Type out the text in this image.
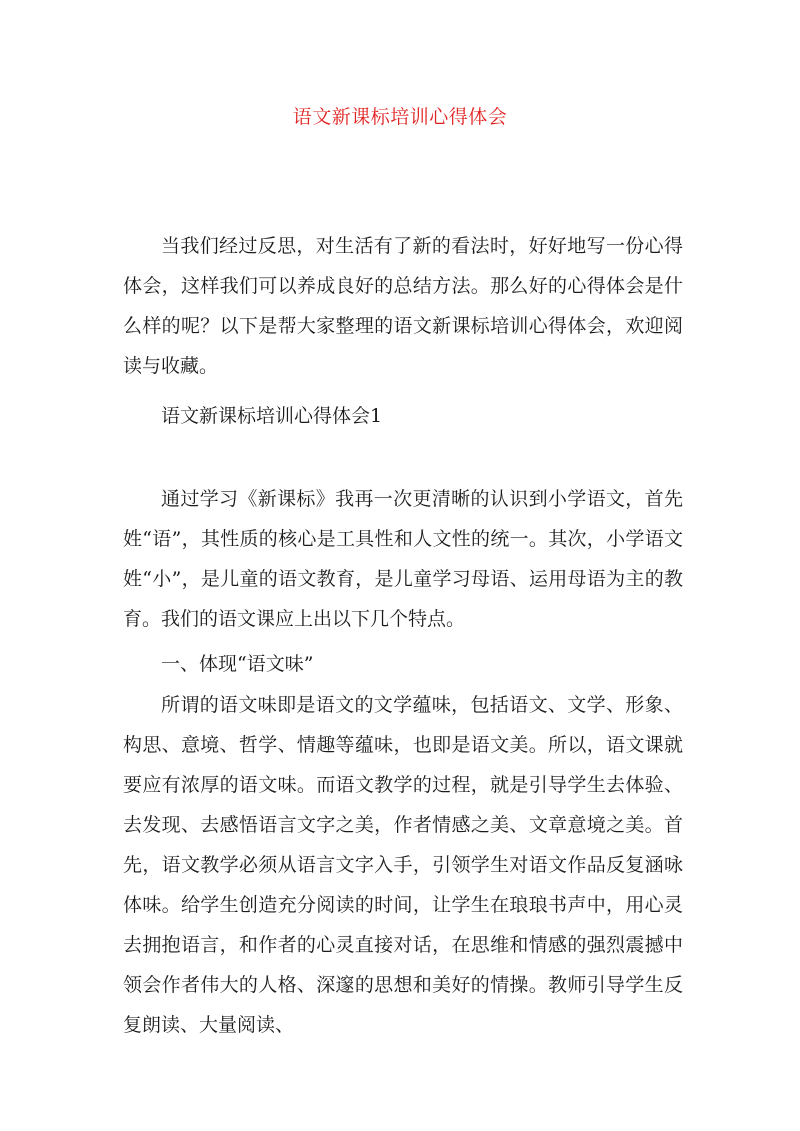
语文新课标培训心得体会

当我们经过反思，对生活有了新的看法时，好好地写一份心得体会，这样我们可以养成良好的总结方法。那么好的心得体会是什么样的呢？以下是帮大家整理的语文新课标培训心得体会，欢迎阅读与收藏。

语文新课标培训心得体会1

通过学习《新课标》我再一次更清晰的认识到小学语文，首先姓“语”，其性质的核心是工具性和人文性的统一。其次，小学语文姓“小”，是儿童的语文教育，是儿童学习母语、运用母语为主的教育。我们的语文课应上出以下几个特点。

一、体现“语文味”

所谓的语文味即是语文的文学蕴味，包括语文、文学、形象、构思、意境、哲学、情趣等蕴味，也即是语文美。所以，语文课就要应有浓厚的语文味。而语文教学的过程，就是引导学生去体验、去发现、去感悟语言文字之美，作者情感之美、文章意境之美。首先，语文教学必须从语言文字入手，引领学生对语文作品反复涵咏体味。给学生创造充分阅读的时间，让学生在琅琅书声中，用心灵去拥抱语言，和作者的心灵直接对话，在思维和情感的强烈震撼中领会作者伟大的人格、深邃的思想和美好的情操。教师引导学生反复朗读、大量阅读、
